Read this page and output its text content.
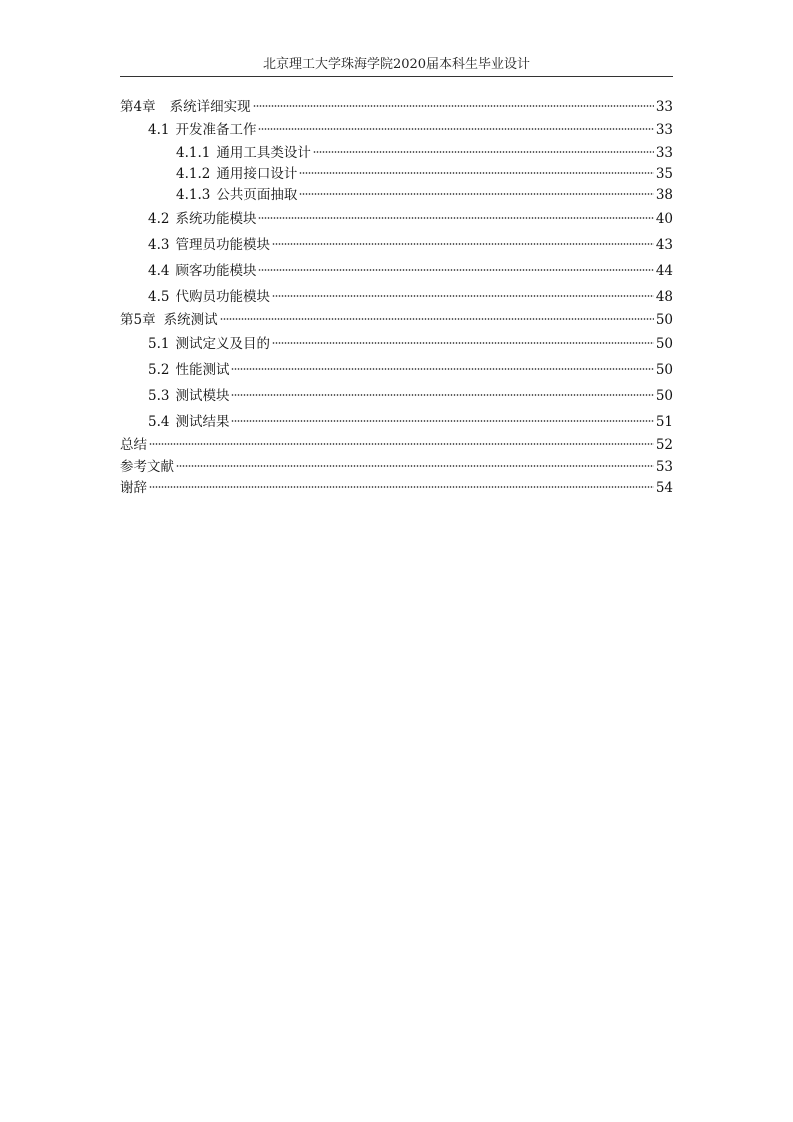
北京理工大学珠海学院2020届本科生毕业设计
第4章 系统详细实现	33
4.1 开发准备工作	33
4.1.1 通用工具类设计	33
4.1.2 通用接口设计	35
4.1.3 公共页面抽取	38
4.2 系统功能模块	40
4.3 管理员功能模块	43
4.4 顾客功能模块	44
4.5 代购员功能模块	48
第5章 系统测试	50
5.1 测试定义及目的	50
5.2 性能测试	50
5.3 测试模块	50
5.4 测试结果	51
总结	52
参考文献	53
谢辞	54
